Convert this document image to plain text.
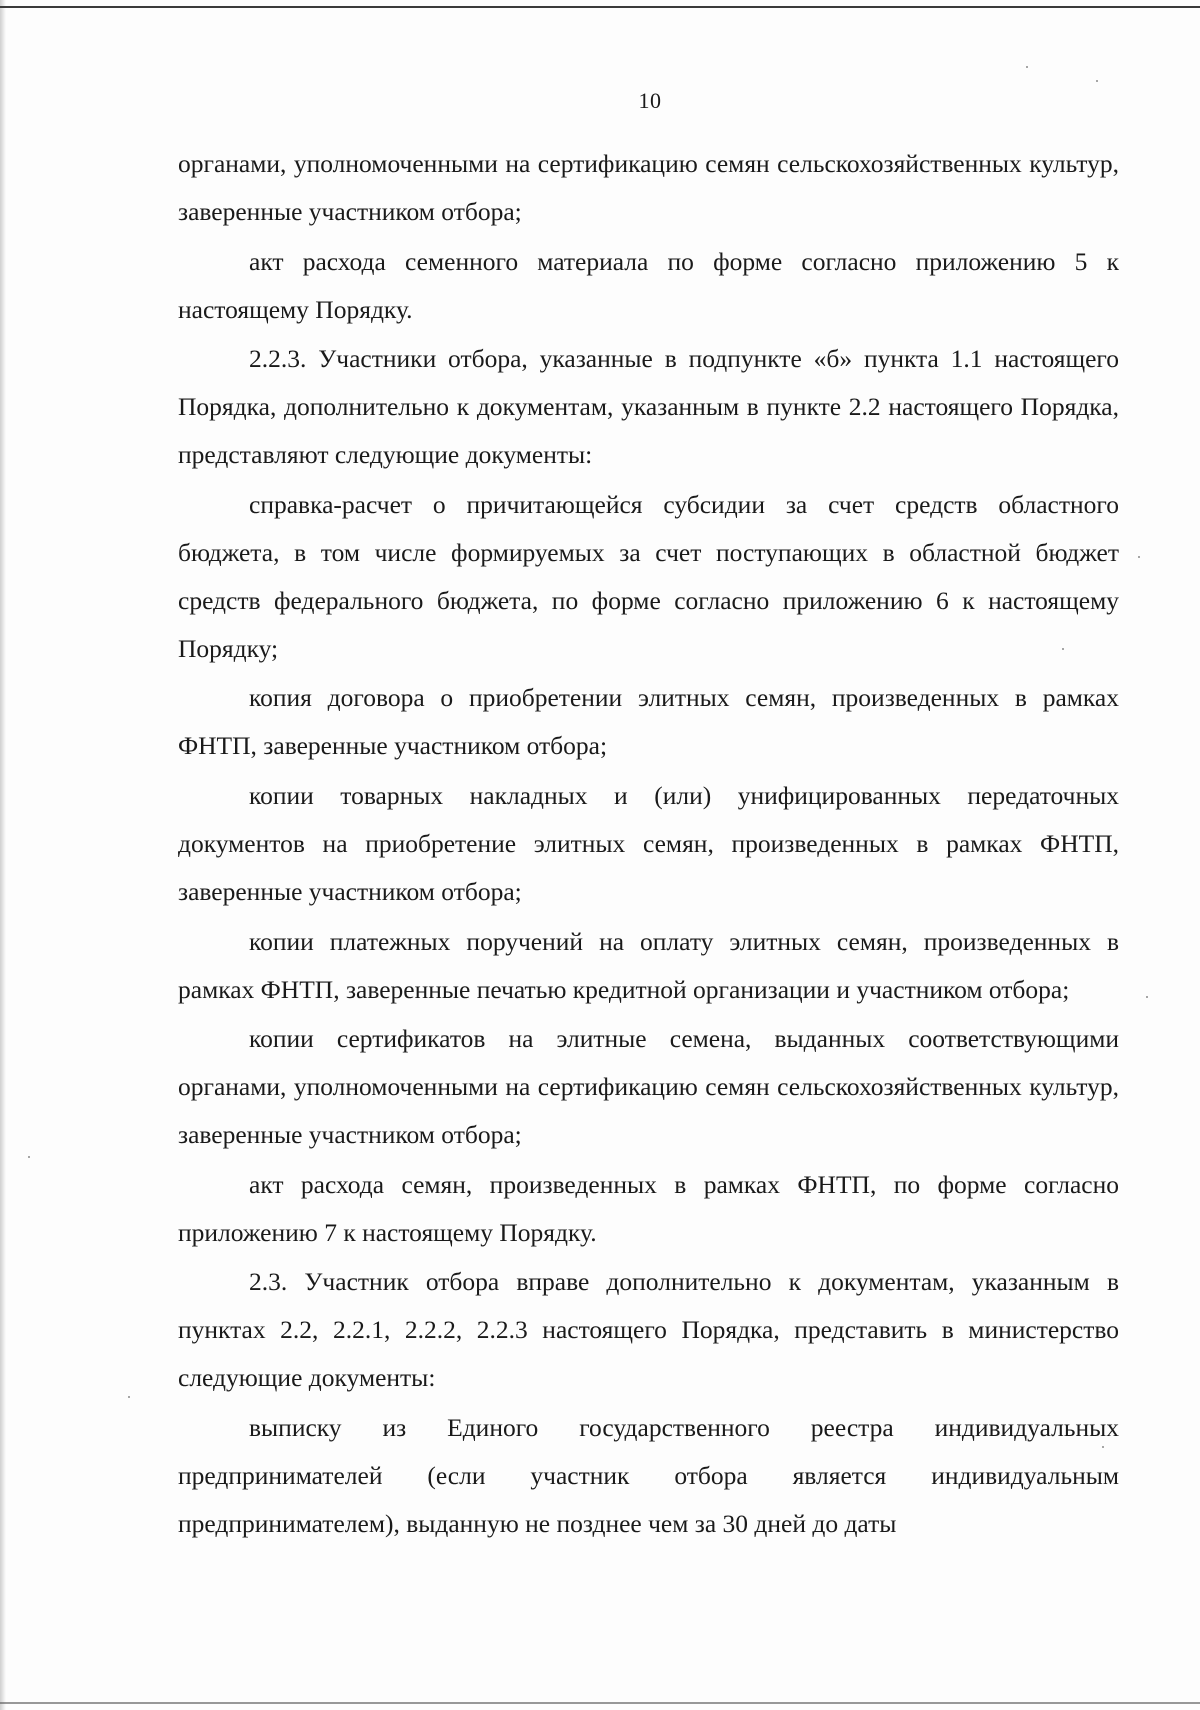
10

органами, уполномоченными на сертификацию семян сельскохозяйственных культур, заверенные участником отбора;

акт расхода семенного материала по форме согласно приложению 5 к настоящему Порядку.

2.2.3. Участники отбора, указанные в подпункте «б» пункта 1.1 настоящего Порядка, дополнительно к документам, указанным в пункте 2.2 настоящего Порядка, представляют следующие документы:

справка-расчет о причитающейся субсидии за счет средств областного бюджета, в том числе формируемых за счет поступающих в областной бюджет средств федерального бюджета, по форме согласно приложению 6 к настоящему Порядку;

копия договора о приобретении элитных семян, произведенных в рамках ФНТП, заверенные участником отбора;

копии товарных накладных и (или) унифицированных передаточных документов на приобретение элитных семян, произведенных в рамках ФНТП, заверенные участником отбора;

копии платежных поручений на оплату элитных семян, произведенных в рамках ФНТП, заверенные печатью кредитной организации и участником отбора;

копии сертификатов на элитные семена, выданных соответствующими органами, уполномоченными на сертификацию семян сельскохозяйственных культур, заверенные участником отбора;

акт расхода семян, произведенных в рамках ФНТП, по форме согласно приложению 7 к настоящему Порядку.

2.3. Участник отбора вправе дополнительно к документам, указанным в пунктах 2.2, 2.2.1, 2.2.2, 2.2.3 настоящего Порядка, представить в министерство следующие документы:

выписку из Единого государственного реестра индивидуальных предпринимателей (если участник отбора является индивидуальным предпринимателем), выданную не позднее чем за 30 дней до даты
